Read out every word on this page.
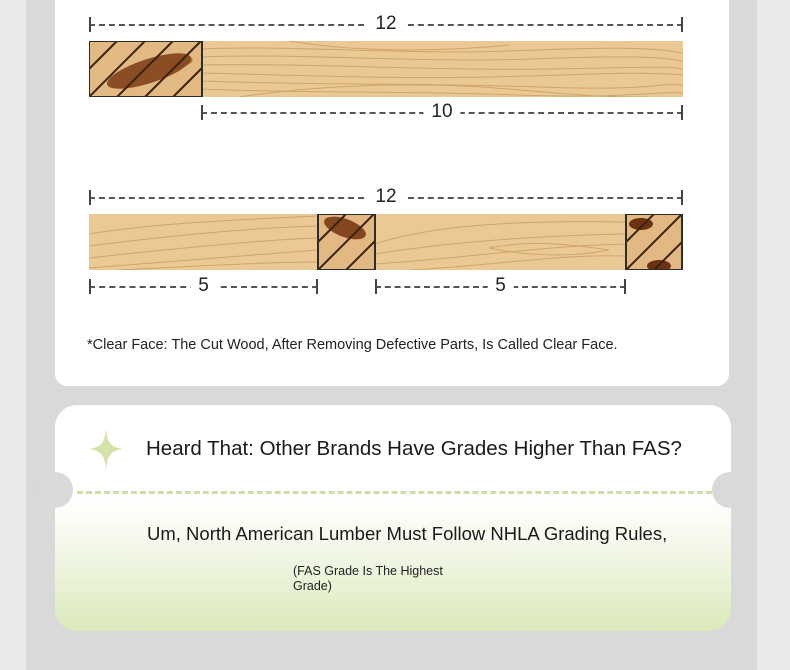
12
10
12
5	5
*Clear Face: The Cut Wood, After Removing Defective Parts, Is Called Clear Face.
Heard That: Other Brands Have Grades Higher Than FAS?
Um, North American Lumber Must Follow NHLA Grading Rules,
(FAS Grade Is The Highest Grade)
